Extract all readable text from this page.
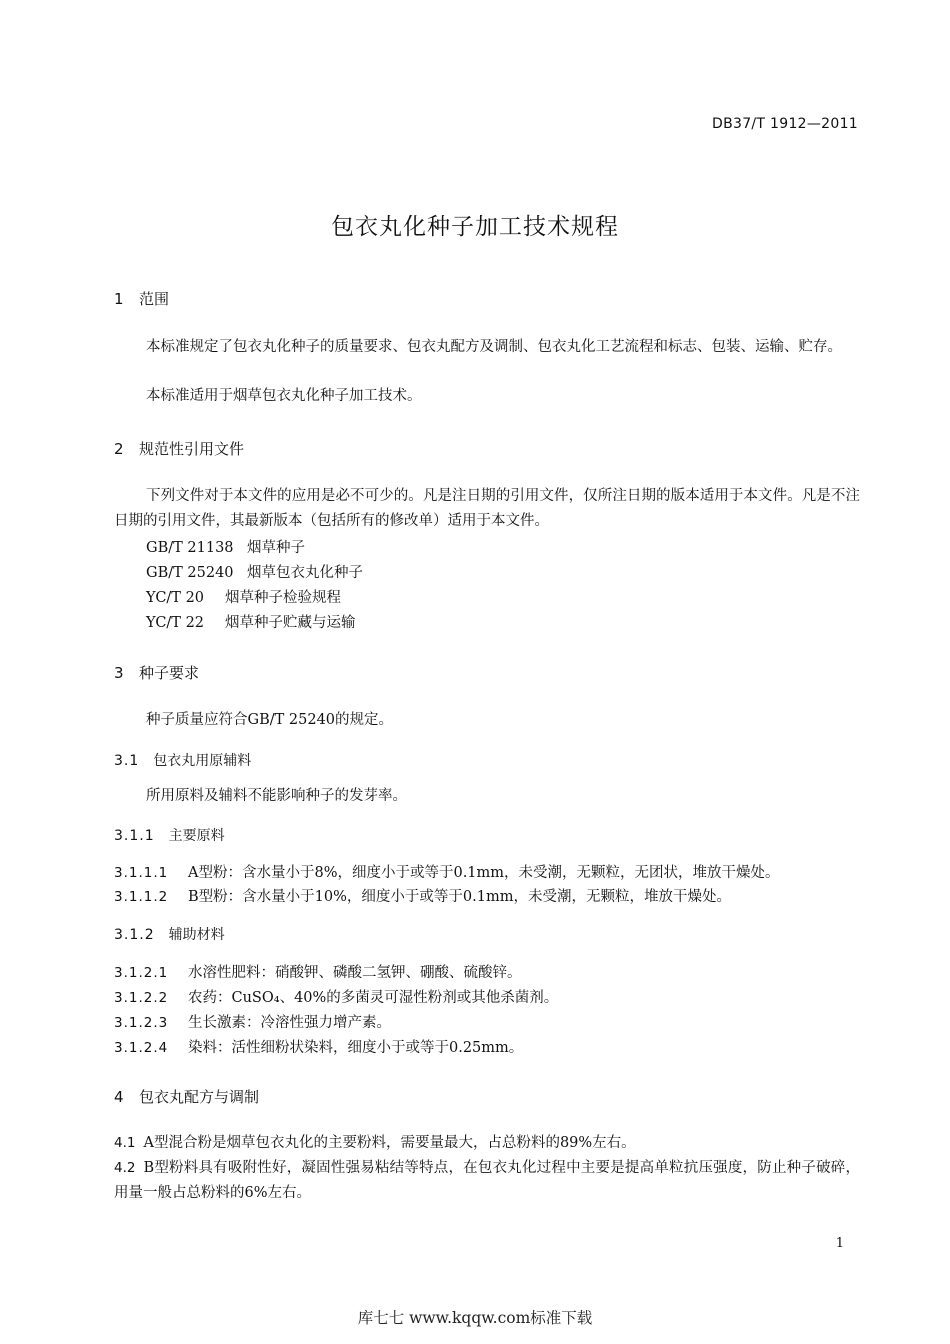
DB37/T 1912—2011
包衣丸化种子加工技术规程
1 范围
本标准规定了包衣丸化种子的质量要求、包衣丸配方及调制、包衣丸化工艺流程和标志、包装、运输、贮存。
本标准适用于烟草包衣丸化种子加工技术。
2 规范性引用文件
下列文件对于本文件的应用是必不可少的。凡是注日期的引用文件，仅所注日期的版本适用于本文件。凡是不注日期的引用文件，其最新版本（包括所有的修改单）适用于本文件。
GB/T 21138 烟草种子
GB/T 25240 烟草包衣丸化种子
YC/T 20 烟草种子检验规程
YC/T 22 烟草种子贮藏与运输
3 种子要求
种子质量应符合GB/T 25240的规定。
3.1 包衣丸用原辅料
所用原料及辅料不能影响种子的发芽率。
3.1.1 主要原料
3.1.1.1 A型粉：含水量小于8%，细度小于或等于0.1mm，未受潮，无颗粒，无团状，堆放干燥处。
3.1.1.2 B型粉：含水量小于10%，细度小于或等于0.1mm，未受潮，无颗粒，堆放干燥处。
3.1.2 辅助材料
3.1.2.1 水溶性肥料：硝酸钾、磷酸二氢钾、硼酸、硫酸锌。
3.1.2.2 农药：CuSO₄、40%的多菌灵可湿性粉剂或其他杀菌剂。
3.1.2.3 生长激素：冷溶性强力增产素。
3.1.2.4 染料：活性细粉状染料，细度小于或等于0.25mm。
4 包衣丸配方与调制
4.1 A型混合粉是烟草包衣丸化的主要粉料，需要量最大，占总粉料的89%左右。
4.2 B型粉料具有吸附性好，凝固性强易粘结等特点，在包衣丸化过程中主要是提高单粒抗压强度，防止种子破碎，用量一般占总粉料的6%左右。
1
库七七 www.kqqw.com标准下载
